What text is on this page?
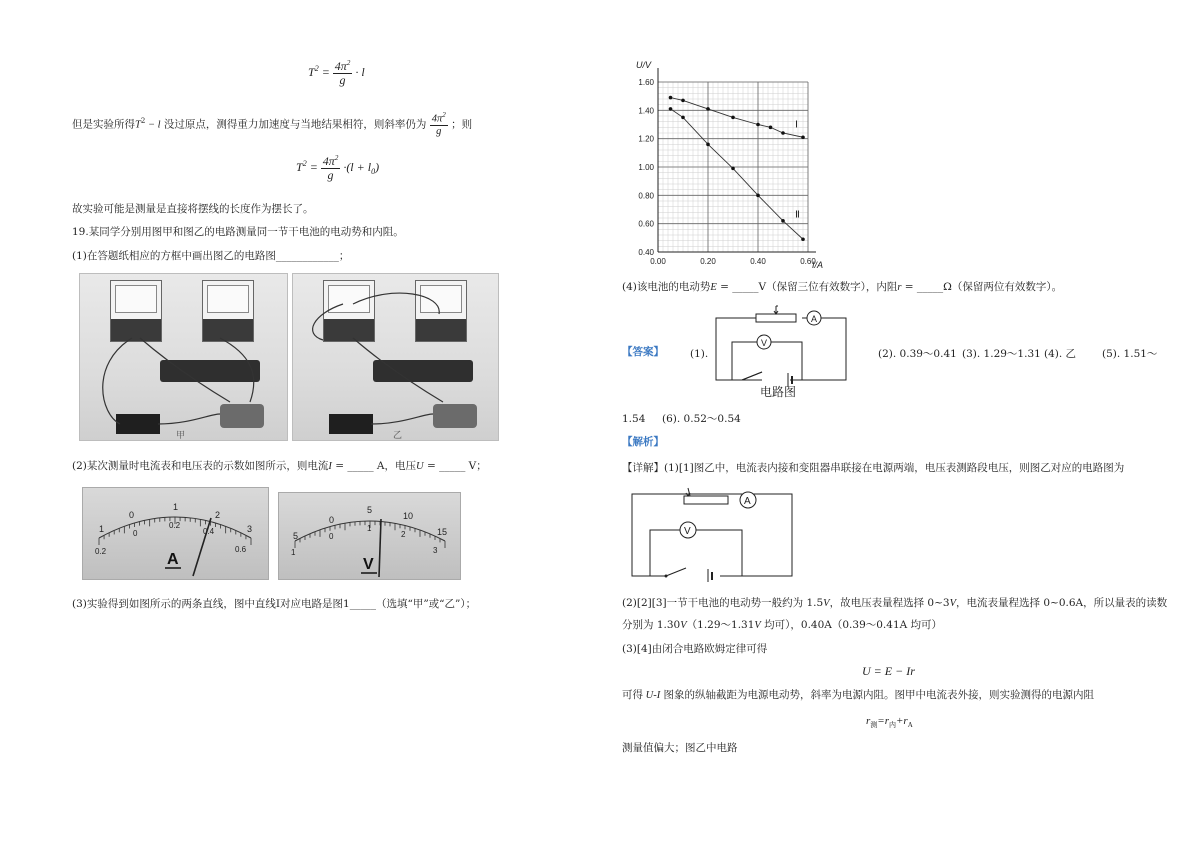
$T^2 = \frac{4\pi^2}{g} \cdot l$
但是实验所得$T^2 - l$ 没过原点，测得重力加速度与当地结果相符，则斜率仍为 $\frac{4\pi^2}{g}$ ；则
$T^2 = \frac{4\pi^2}{g} \cdot(l + l_0)$
故实验可能是测量是直接将摆线的长度作为摆长了。
19.某同学分别用图甲和图乙的电路测量同一节干电池的电动势和内阻。
(1)在答题纸相应的方框中画出图乙的电路图____________；
甲	乙
(2)某次测量时电流表和电压表的示数如图所示，则电流I = _____ A，电压U = _____ V；
1
0
1
2
3
0.2
0
0.2
0.4
0.6
A
5
0
5
10
15
1
0
1
2
3
V
(3)实验得到如图所示的两条直线，图中直线Ⅰ对应电路是图1_____（选填“甲”或“乙”）；
0.40
0.60
0.80
1.00
1.20
1.40
1.60
0.00	0.20	0.40	0.60
Ⅰ
Ⅱ
U/V
I/A
(4)该电池的电动势E = _____V（保留三位有效数字），内阻r = _____Ω（保留两位有效数字）。
【答案】 (1).
A
V
电路图
(2). 0.39～0.41 (3). 1.29～1.31 (4). 乙 (5). 1.51～
1.54 (6). 0.52～0.54
【解析】
【详解】(1)[1]图乙中，电流表内接和变阻器串联接在电源两端，电压表测路段电压，则图乙对应的电路图为
A
V
(2)[2][3]一节干电池的电动势一般约为 1.5V，故电压表量程选择 0~3V，电流表量程选择 0~0.6A，所以量表的读数
分别为 1.30V（1.29～1.31V 均可），0.40A（0.39～0.41A 均可）
(3)[4]由闭合电路欧姆定律可得
U = E − Ir
可得 U-I 图象的纵轴截距为电源电动势，斜率为电源内阻。图甲中电流表外接，则实验测得的电源内阻
$r_测=r_内+r_A$
测量值偏大；图乙中电路
